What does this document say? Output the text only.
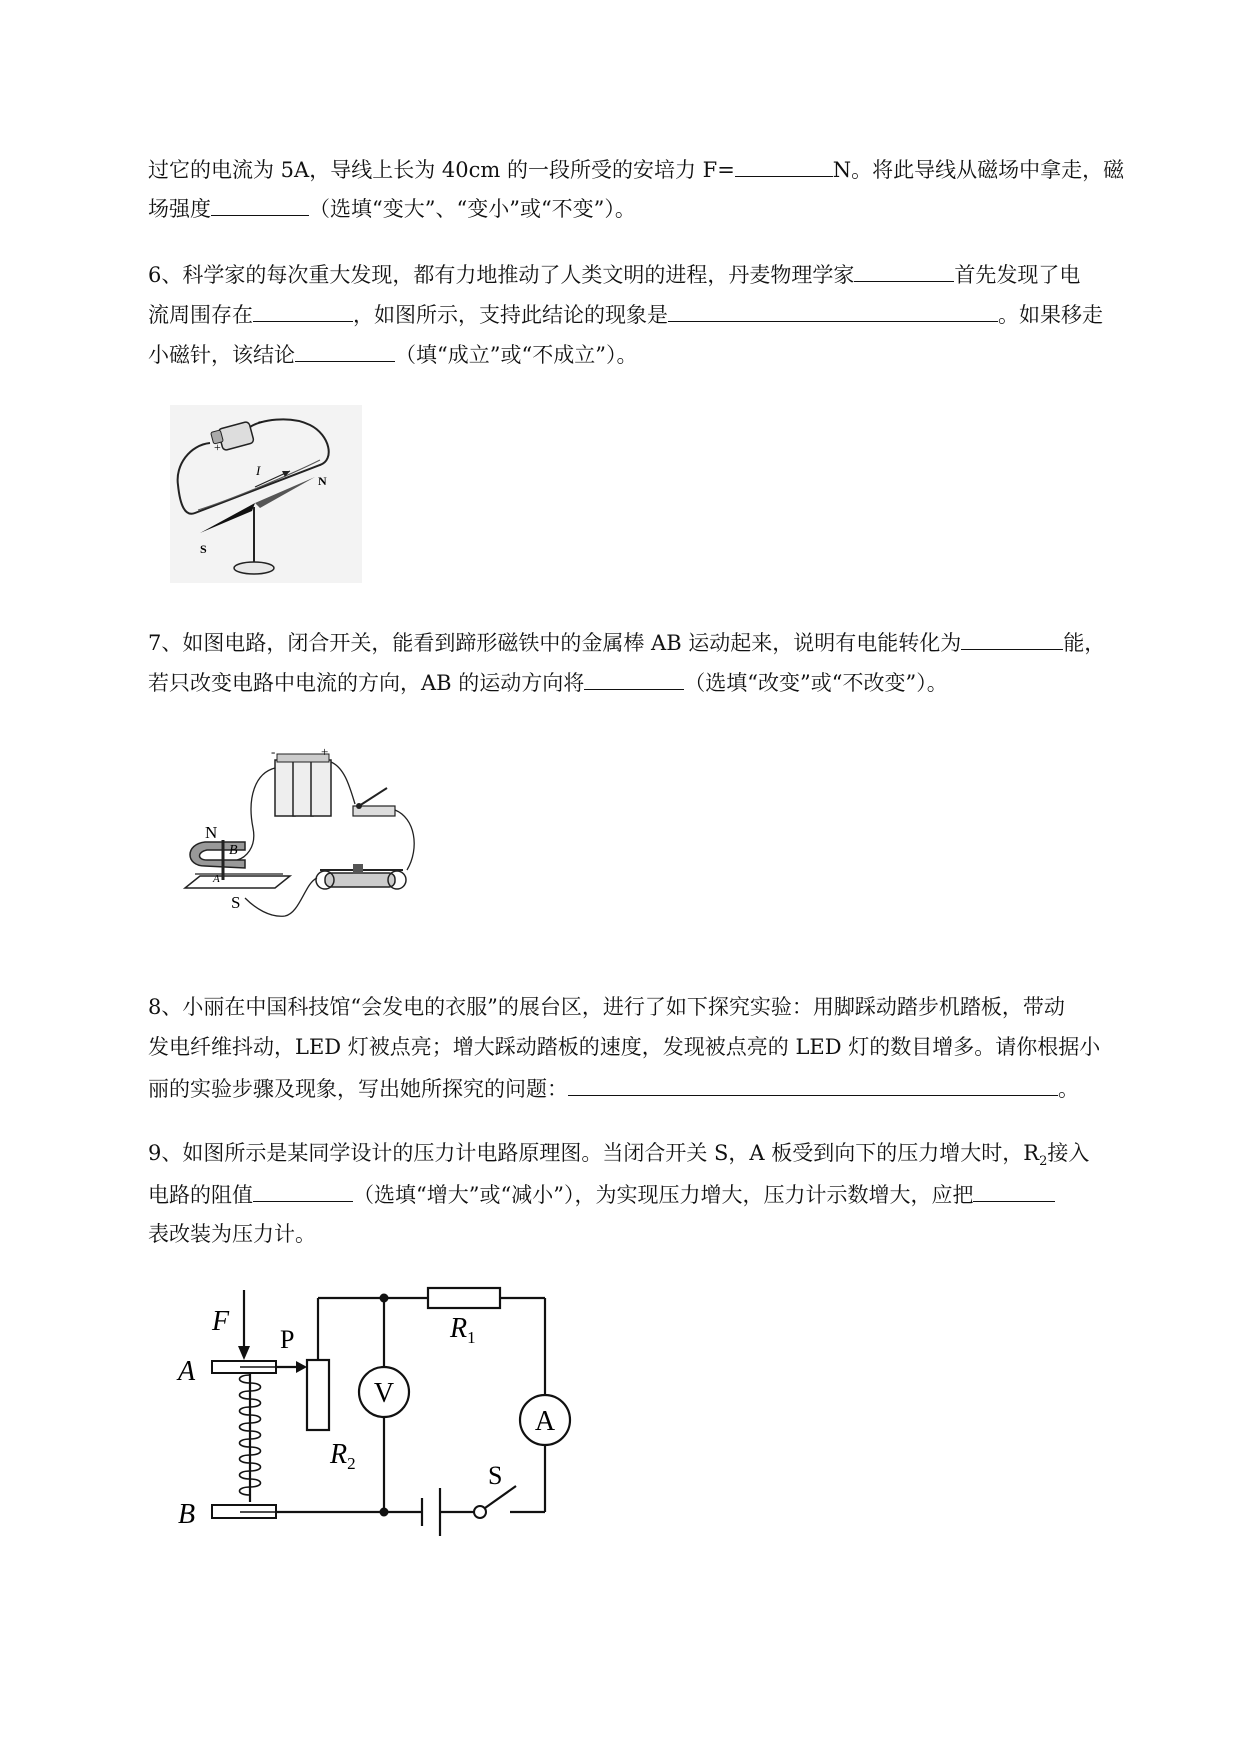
过它的电流为 5A，导线上长为 40cm 的一段所受的安培力 F=	N。将此导线从磁场中拿走，磁
场强度	（选填“变大”、“变小”或“不变”）。
6、科学家的每次重大发现，都有力地推动了人类文明的进程，丹麦物理学家	首先发现了电
流周围存在	，如图所示，支持此结论的现象是	。如果移走
小磁针，该结论	（填“成立”或“不成立”）。
+
-
I
N
S
7、如图电路，闭合开关，能看到蹄形磁铁中的金属棒 AB 运动起来，说明有电能转化为	能，
若只改变电路中电流的方向，AB 的运动方向将	（选填“改变”或“不改变”）。
-	+
N
B
A
S
8、小丽在中国科技馆“会发电的衣服”的展台区，进行了如下探究实验：用脚踩动踏步机踏板，带动
发电纤维抖动，LED 灯被点亮；增大踩动踏板的速度，发现被点亮的 LED 灯的数目增多。请你根据小
丽的实验步骤及现象，写出她所探究的问题：	。
9、如图所示是某同学设计的压力计电路原理图。当闭合开关 S，A 板受到向下的压力增大时，$R_2$接入
电路的阻值	（选填“增大”或“减小”），为实现压力增大，压力计示数增大，应把
表改装为压力计。
V
A
S
F
P
A
B
$R_1$
$R_2$
